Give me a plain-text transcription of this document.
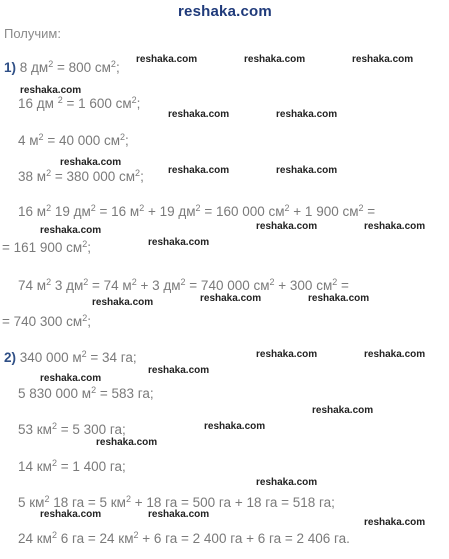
reshaka.com
Получим:
1) 8 $дм^2 = 800$ $см^2$;
16 дм $^2$ = 1 600 $см^2$;
4 $м^2 = 40$ 000 $см^2$;
38 $м^2 = 380$ 000 $см^2$;
16 $м^2$ 19 $дм^2 = 16$ $м^2 + 19$ $дм^2 = 160$ 000 $см^2 + 1$ 900 $см^2$ =
= 161 900 $см^2$;
74 $м^2$ 3 $дм^2 = 74$ $м^2 + 3$ $дм^2 = 740$ 000 $см^2 + 300$ $см^2$ =
= 740 300 $см^2$;
2) 340 000 $м^2 = 34$ га;
5 830 000 $м^2 = 583$ га;
53 $км^2 = 5$ 300 га;
14 $км^2 = 1$ 400 га;
5 $км^2$ 18 га = 5 $км^2 + 18$ га = 500 га + 18 га = 518 га;
24 $км^2$ 6 га = 24 $км^2 + 6$ га = 2 400 га + 6 га = 2 406 га.
reshaka.com	reshaka.com	reshaka.com
reshaka.com
reshaka.com	reshaka.com
reshaka.com
reshaka.com	reshaka.com
reshaka.com	reshaka.com
reshaka.com
reshaka.com
reshaka.com	reshaka.com
reshaka.com
reshaka.com	reshaka.com
reshaka.com
reshaka.com
reshaka.com
reshaka.com
reshaka.com
reshaka.com
reshaka.com	reshaka.com
reshaka.com
